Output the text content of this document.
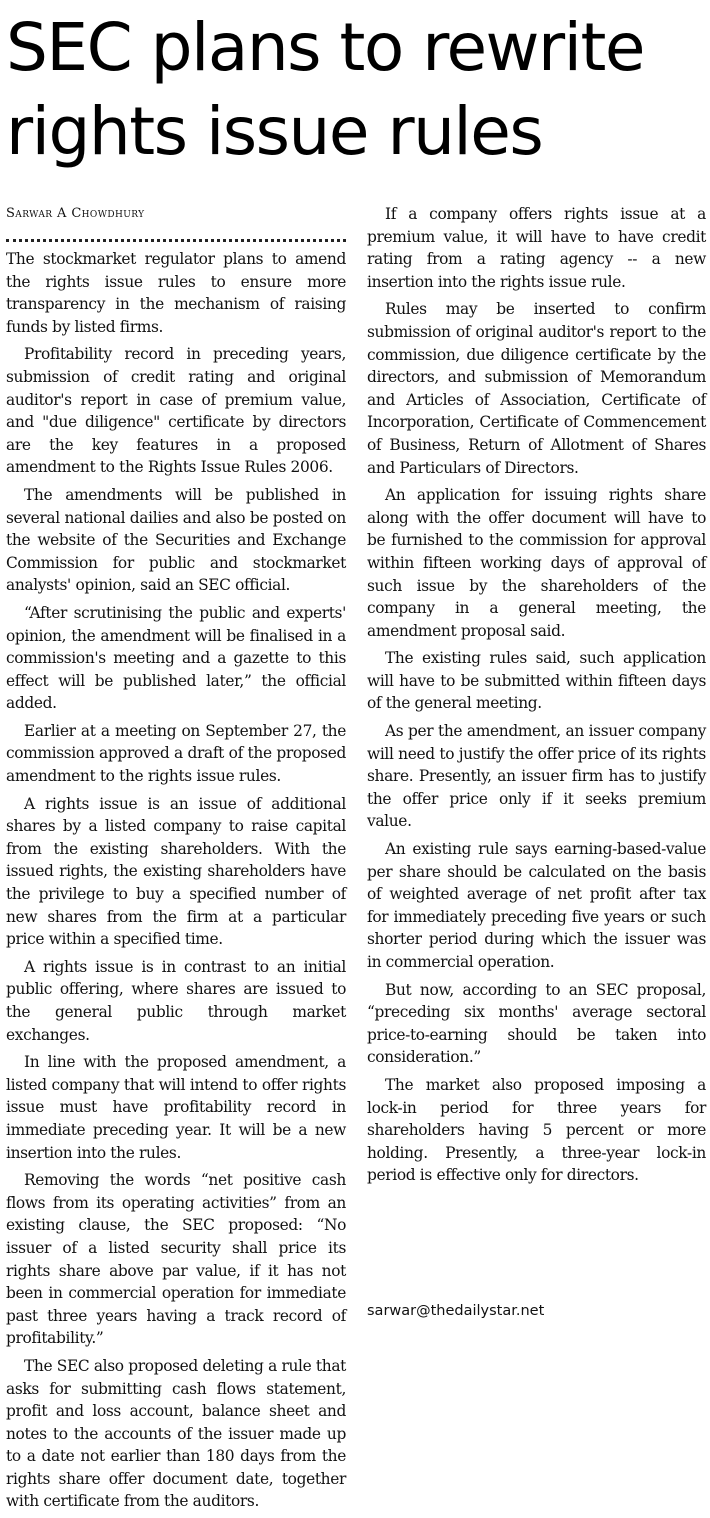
SEC plans to rewrite rights issue rules
Sarwar A Chowdhury

The stockmarket regulator plans to amend the rights issue rules to ensure more transparency in the mechanism of raising funds by listed firms.

Profitability record in preceding years, submission of credit rating and original auditor's report in case of premium value, and "due diligence" certificate by directors are the key features in a proposed amendment to the Rights Issue Rules 2006.

The amendments will be published in several national dailies and also be posted on the website of the Securities and Exchange Commission for public and stockmarket analysts' opinion, said an SEC official.

“After scrutinising the public and experts' opinion, the amendment will be finalised in a commission's meeting and a gazette to this effect will be published later,” the official added.

Earlier at a meeting on September 27, the commission approved a draft of the proposed amendment to the rights issue rules.

A rights issue is an issue of additional shares by a listed company to raise capital from the existing shareholders. With the issued rights, the existing shareholders have the privilege to buy a specified number of new shares from the firm at a particular price within a specified time.

A rights issue is in contrast to an initial public offering, where shares are issued to the general public through market exchanges.

In line with the proposed amendment, a listed company that will intend to offer rights issue must have profitability record in immediate preceding year. It will be a new insertion into the rules.

Removing the words “net positive cash flows from its operating activities” from an existing clause, the SEC proposed: “No issuer of a listed security shall price its rights share above par value, if it has not been in commercial operation for immediate past three years having a track record of profitability.”

The SEC also proposed deleting a rule that asks for submitting cash flows statement, profit and loss account, balance sheet and notes to the accounts of the issuer made up to a date not earlier than 180 days from the rights share offer document date, together with certificate from the auditors.

If a company offers rights issue at a premium value, it will have to have credit rating from a rating agency -- a new insertion into the rights issue rule.

Rules may be inserted to confirm submission of original auditor's report to the commission, due diligence certificate by the directors, and submission of Memorandum and Articles of Association, Certificate of Incorporation, Certificate of Commencement of Business, Return of Allotment of Shares and Particulars of Directors.

An application for issuing rights share along with the offer document will have to be furnished to the commission for approval within fifteen working days of approval of such issue by the shareholders of the company in a general meeting, the amendment proposal said.

The existing rules said, such application will have to be submitted within fifteen days of the general meeting.

As per the amendment, an issuer company will need to justify the offer price of its rights share. Presently, an issuer firm has to justify the offer price only if it seeks premium value.

An existing rule says earning-based-value per share should be calculated on the basis of weighted average of net profit after tax for immediately preceding five years or such shorter period during which the issuer was in commercial operation.

But now, according to an SEC proposal, “preceding six months' average sectoral price-to-earning should be taken into consideration.”

The market also proposed imposing a lock-in period for three years for shareholders having 5 percent or more holding. Presently, a three-year lock-in period is effective only for directors.

sarwar@thedailystar.net
